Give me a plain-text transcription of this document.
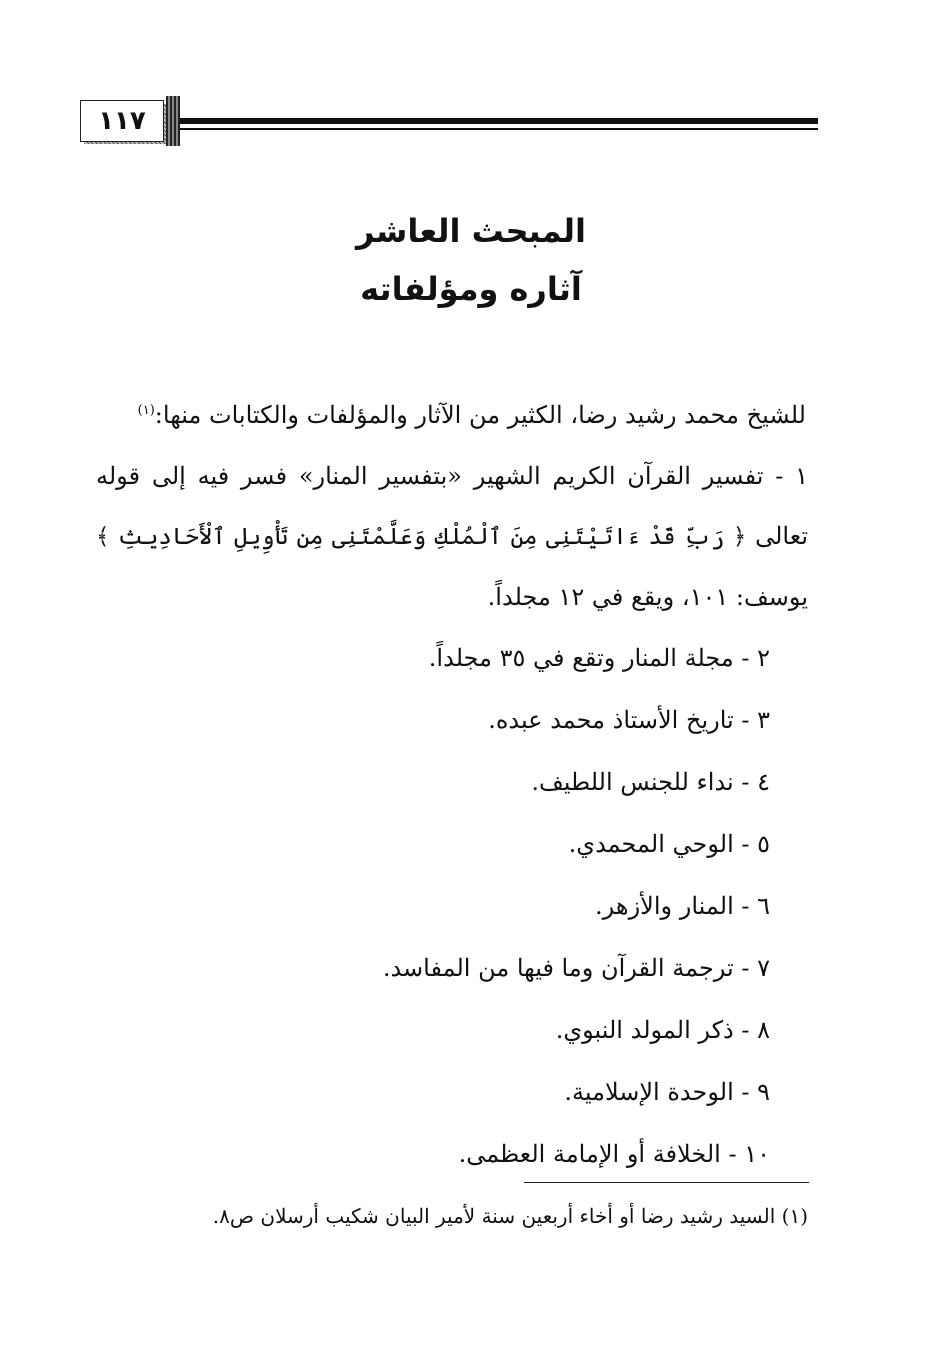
١١٧
المبحث العاشر
آثاره ومؤلفاته

للشيخ محمد رشيد رضا، الكثير من الآثار والمؤلفات والكتابات منها:$^{(١)}$

١ - تفسير القرآن الكريم الشهير «بتفسير المنار» فسر فيه إلى قوله تعالى ﴿ رَبِّ قَدْ ءَاتَيْتَنِى مِنَ ٱلْمُلْكِ وَعَلَّمْتَنِى مِن تَأْوِيلِ ٱلْأَحَادِيثِ ﴾ يوسف: ١٠١، ويقع في ١٢ مجلداً.

٢ - مجلة المنار وتقع في ٣٥ مجلداً.

٣ - تاريخ الأستاذ محمد عبده.

٤ - نداء للجنس اللطيف.

٥ - الوحي المحمدي.

٦ - المنار والأزهر.

٧ - ترجمة القرآن وما فيها من المفاسد.

٨ - ذكر المولد النبوي.

٩ - الوحدة الإسلامية.

١٠ - الخلافة أو الإمامة العظمى.

(١) السيد رشيد رضا أو أخاء أربعين سنة لأمير البيان شكيب أرسلان ص٨.
